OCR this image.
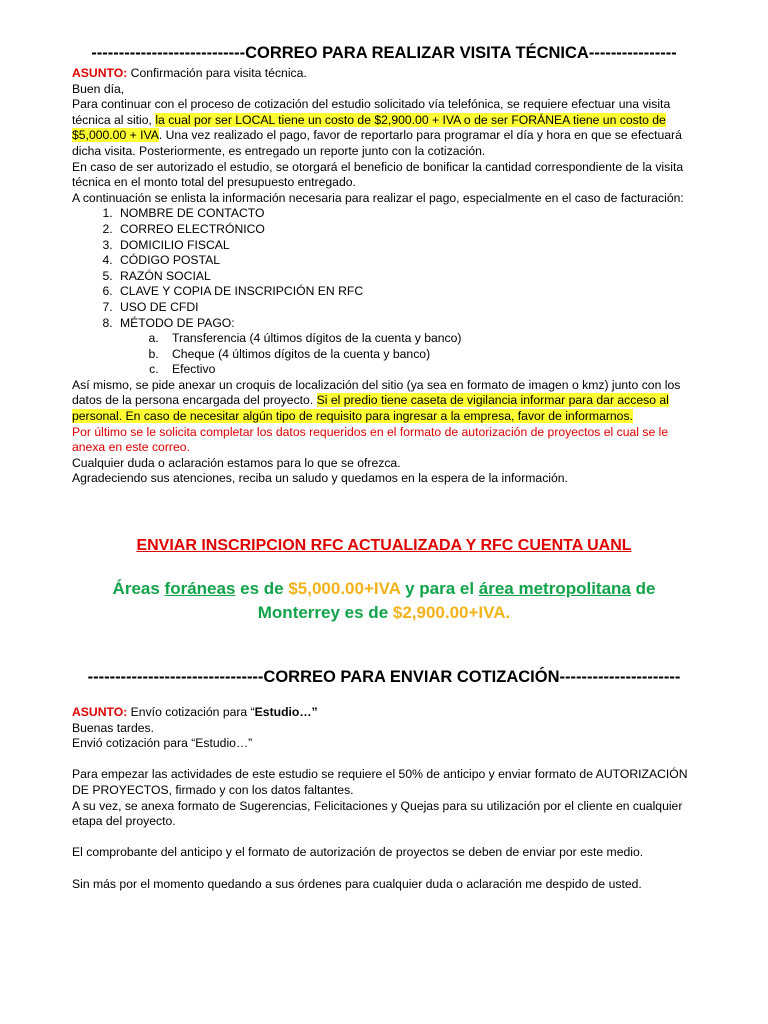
----------------------------CORREO PARA REALIZAR VISITA TÉCNICA----------------

ASUNTO: Confirmación para visita técnica.

Buen día,

Para continuar con el proceso de cotización del estudio solicitado vía telefónica, se requiere efectuar una visita técnica al sitio, la cual por ser LOCAL tiene un costo de $2,900.00 + IVA o de ser FORÁNEA tiene un costo de $5,000.00 + IVA. Una vez realizado el pago, favor de reportarlo para programar el día y hora en que se efectuará dicha visita. Posteriormente, es entregado un reporte junto con la cotización.

En caso de ser autorizado el estudio, se otorgará el beneficio de bonificar la cantidad correspondiente de la visita técnica en el monto total del presupuesto entregado.

A continuación se enlista la información necesaria para realizar el pago, especialmente en el caso de facturación:

1. NOMBRE DE CONTACTO
2. CORREO ELECTRÓNICO
3. DOMICILIO FISCAL
4. CÓDIGO POSTAL
5. RAZÓN SOCIAL
6. CLAVE Y COPIA DE INSCRIPCIÓN EN RFC
7. USO DE CFDI
8. MÉTODO DE PAGO:
a. Transferencia (4 últimos dígitos de la cuenta y banco)
b. Cheque (4 últimos dígitos de la cuenta y banco)
c. Efectivo

Así mismo, se pide anexar un croquis de localización del sitio (ya sea en formato de imagen o kmz) junto con los datos de la persona encargada del proyecto. Si el predio tiene caseta de vigilancia informar para dar acceso al personal. En caso de necesitar algún tipo de requisito para ingresar a la empresa, favor de informarnos.

Por último se le solicita completar los datos requeridos en el formato de autorización de proyectos el cual se le anexa en este correo.

Cualquier duda o aclaración estamos para lo que se ofrezca.

Agradeciendo sus atenciones, reciba un saludo y quedamos en la espera de la información.

ENVIAR INSCRIPCION RFC ACTUALIZADA Y RFC CUENTA UANL
Áreas foráneas es de $5,000.00+IVA y para el área metropolitana de
Monterrey es de $2,900.00+IVA.
--------------------------------CORREO PARA ENVIAR COTIZACIÓN----------------------

ASUNTO: Envío cotización para “Estudio…”

Buenas tardes.

Envió cotización para “Estudio…”

Para empezar las actividades de este estudio se requiere el 50% de anticipo y enviar formato de AUTORIZACIÓN DE PROYECTOS, firmado y con los datos faltantes.

A su vez, se anexa formato de Sugerencias, Felicitaciones y Quejas para su utilización por el cliente en cualquier etapa del proyecto.

El comprobante del anticipo y el formato de autorización de proyectos se deben de enviar por este medio.

Sin más por el momento quedando a sus órdenes para cualquier duda o aclaración me despido de usted.
